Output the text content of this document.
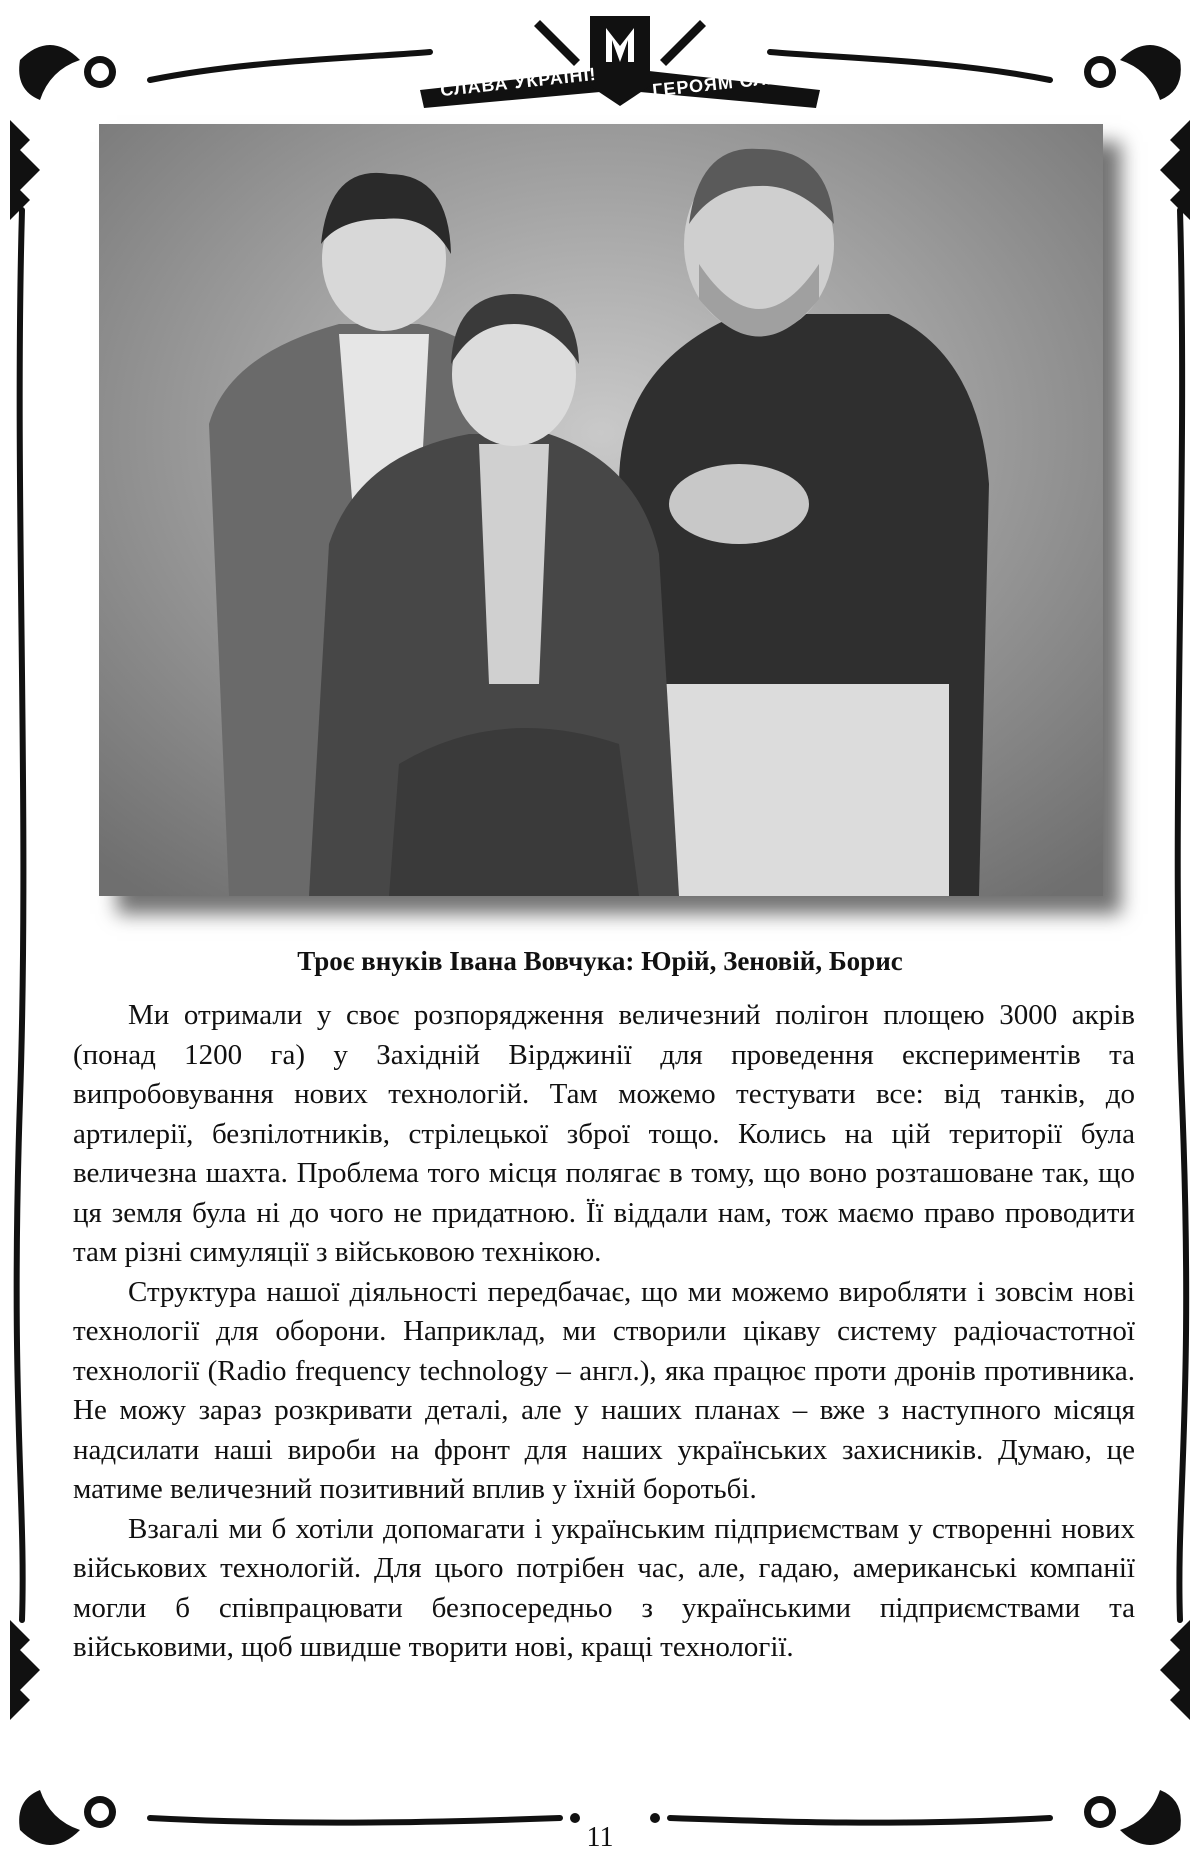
СЛАВА УКРАЇНІ!	ГЕРОЯМ СЛАВА!
Троє внуків Івана Вовчука: Юрій, Зеновій, Борис

Ми отримали у своє розпорядження величезний полігон площею 3000 акрів (понад 1200 га) у Західній Вірджинії для проведення експериментів та випробовування нових технологій. Там можемо тестувати все: від танків, до артилерії, безпілотників, стрілецької зброї тощо. Колись на цій території була величезна шахта. Проблема того місця полягає в тому, що воно розташоване так, що ця земля була ні до чого не придатною. Її віддали нам, тож маємо право проводити там різні симуляції з військовою технікою.

Структура нашої діяльності передбачає, що ми можемо виробляти і зовсім нові технології для оборони. Наприклад, ми створили цікаву систему радіочастотної технології (Radio frequency technology – англ.), яка працює проти дронів противника. Не можу зараз розкривати деталі, але у наших планах – вже з наступного місяця надсилати наші вироби на фронт для наших українських захисників. Думаю, це матиме величезний позитивний вплив у їхній боротьбі.

Взагалі ми б хотіли допомагати і українським підприємствам у створенні нових військових технологій. Для цього потрібен час, але, гадаю, американські компанії могли б співпрацювати безпосередньо з українськими підприємствами та військовими, щоб швидше творити нові, кращі технології.

11
